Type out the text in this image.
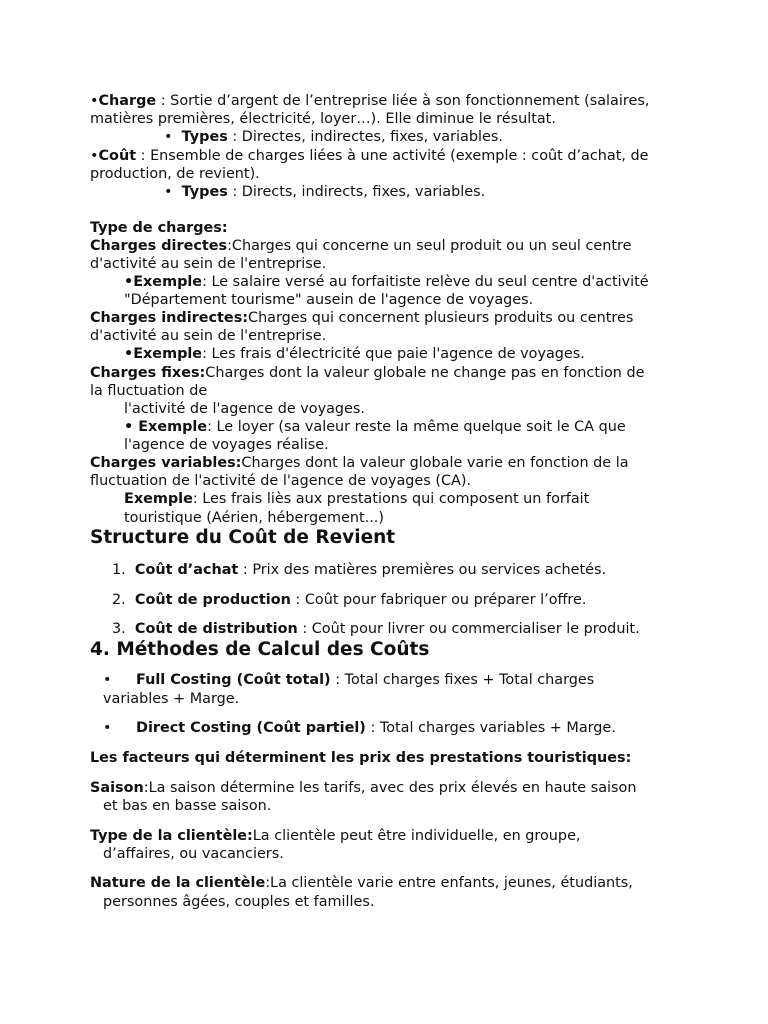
•Charge : Sortie d’argent de l’entreprise liée à son fonctionnement (salaires,
matières premières, électricité, loyer…). Elle diminue le résultat.
• Types : Directes, indirectes, fixes, variables.
•Coût : Ensemble de charges liées à une activité (exemple : coût d’achat, de
production, de revient).
• Types : Directs, indirects, fixes, variables.
Type de charges:
Charges directes:Charges qui concerne un seul produit ou un seul centre
d'activité au sein de l'entreprise.
•Exemple: Le salaire versé au forfaitiste relève du seul centre d'activité
"Département tourisme" ausein de l'agence de voyages.
Charges indirectes:Charges qui concernent plusieurs produits ou centres
d'activité au sein de l'entreprise.
•Exemple: Les frais d'électricité que paie l'agence de voyages.
Charges fixes:Charges dont la valeur globale ne change pas en fonction de
la fluctuation de
l'activité de l'agence de voyages.
• Exemple: Le loyer (sa valeur reste la même quelque soit le CA que
l'agence de voyages réalise.
Charges variables:Charges dont la valeur globale varie en fonction de la
fluctuation de l'activité de l'agence de voyages (CA).
Exemple: Les frais liès aux prestations qui composent un forfait
touristique (Aérien, hébergement...)
Structure du Coût de Revient
1. Coût d’achat : Prix des matières premières ou services achetés.
2. Coût de production : Coût pour fabriquer ou préparer l’offre.
3. Coût de distribution : Coût pour livrer ou commercialiser le produit.
4. Méthodes de Calcul des Coûts
• Full Costing (Coût total) : Total charges fixes + Total charges
variables + Marge.
• Direct Costing (Coût partiel) : Total charges variables + Marge.
Les facteurs qui déterminent les prix des prestations touristiques:
Saison:La saison détermine les tarifs, avec des prix élevés en haute saison
et bas en basse saison.
Type de la clientèle:La clientèle peut être individuelle, en groupe,
d’affaires, ou vacanciers.
Nature de la clientèle:La clientèle varie entre enfants, jeunes, étudiants,
personnes âgées, couples et familles.
